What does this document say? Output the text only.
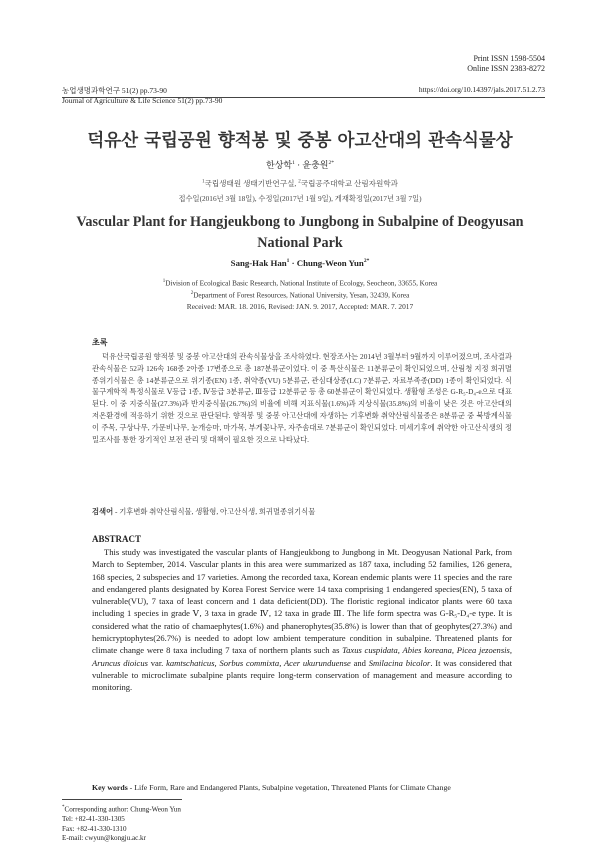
Print ISSN 1598-5504
Online ISSN 2383-8272
농업생명과학연구 51(2) pp.73-90	https://doi.org/10.14397/jals.2017.51.2.73
Journal of Agriculture & Life Science 51(2) pp.73-90
덕유산 국립공원 향적봉 및 중봉 아고산대의 관속식물상
한상학$^1$ · 윤충원$^{2*}$
$^1$국립생태원 생태기반연구실, $^2$국립공주대학교 산림자원학과
접수일(2016년 3월 18일), 수정일(2017년 1월 9일), 게재확정일(2017년 3월 7일)
Vascular Plant for Hangjeukbong to Jungbong in Subalpine of Deogyusan National Park
Sang-Hak Han$^1$ · Chung-Weon Yun$^{2*}$
$^1$Division of Ecological Basic Research, National Institute of Ecology, Seocheon, 33655, Korea
$^2$Department of Forest Resources, National University, Yesan, 32439, Korea
Received: MAR. 18. 2016, Revised: JAN. 9. 2017, Accepted: MAR. 7. 2017
초록
덕유산국립공원 향적봉 및 중봉 아고산대의 관속식물상을 조사하였다. 현장조사는 2014년 3월부터 9월까지 이루어졌으며, 조사결과 관속식물은 52과 126속 168종 2아종 17변종으로 총 187분류군이었다. 이 중 특산식물은 11분류군이 확인되었으며, 산림청 지정 희귀멸종위기식물은 총 14분류군으로 위기종(EN) 1종, 취약종(VU) 5분류군, 관심대상종(LC) 7분류군, 자료부족종(DD) 1종이 확인되었다. 식물구계학적 특정식물로 Ⅴ등급 1종, Ⅳ등급 3분류군, Ⅲ등급 12분류군 등 총 60분류군이 확인되었다. 생활형 조성은 G-R₅-D₄-e으로 대표된다. 이 중 지중식물(27.3%)과 반지중식물(26.7%)의 비율에 비해 지표식물(1.6%)과 지상식물(35.8%)의 비율이 낮은 것은 아고산대의 저온환경에 적응하기 위한 것으로 판단된다. 향적봉 및 중봉 아고산대에 자생하는 기후변화 취약산림식물종은 8분류군 중 북방계식물이 주목, 구상나무, 가문비나무, 눈개승마, 마가목, 부게꽃나무, 자주솜대로 7분류군이 확인되었다. 미세기후에 취약한 아고산식생의 정밀조사를 통한 장기적인 보전 관리 및 대책이 필요한 것으로 나타났다.
검색어 - 기후변화 취약산림식물, 생활형, 아고산식생, 희귀멸종위기식물
ABSTRACT
This study was investigated the vascular plants of Hangjeukbong to Jungbong in Mt. Deogyusan National Park, from March to September, 2014. Vascular plants in this area were summarized as 187 taxa, including 52 families, 126 genera, 168 species, 2 subspecies and 17 varieties. Among the recorded taxa, Korean endemic plants were 11 species and the rare and endangered plants designated by Korea Forest Service were 14 taxa comprising 1 endangered species(EN), 5 taxa of vulnerable(VU), 7 taxa of least concern and 1 data deficient(DD). The floristic regional indicator plants were 60 taxa including 1 species in grade Ⅴ, 3 taxa in grade Ⅳ, 12 taxa in grade Ⅲ. The life form spectra was G-R₅-D₄-e type. It is considered what the ratio of chamaephytes(1.6%) and phanerophytes(35.8%) is lower than that of geophytes(27.3%) and hemicryptophytes(26.7%) is needed to adopt low ambient temperature condition in subalpine. Threatened plants for climate change were 8 taxa including 7 taxa of northern plants such as Taxus cuspidata, Abies koreana, Picea jezoensis, Aruncus dioicus var. kamtschaticus, Sorbus commixta, Acer ukurunduense and Smilacina bicolor. It was considered that vulnerable to microclimate subalpine plants require long-term conservation of management and measure according to monitoring.
Key words - Life Form, Rare and Endangered Plants, Subalpine vegetation, Threatened Plants for Climate Change
*Corresponding author: Chung-Weon Yun
Tel: +82-41-330-1305
Fax: +82-41-330-1310
E-mail: cwyun@kongju.ac.kr
